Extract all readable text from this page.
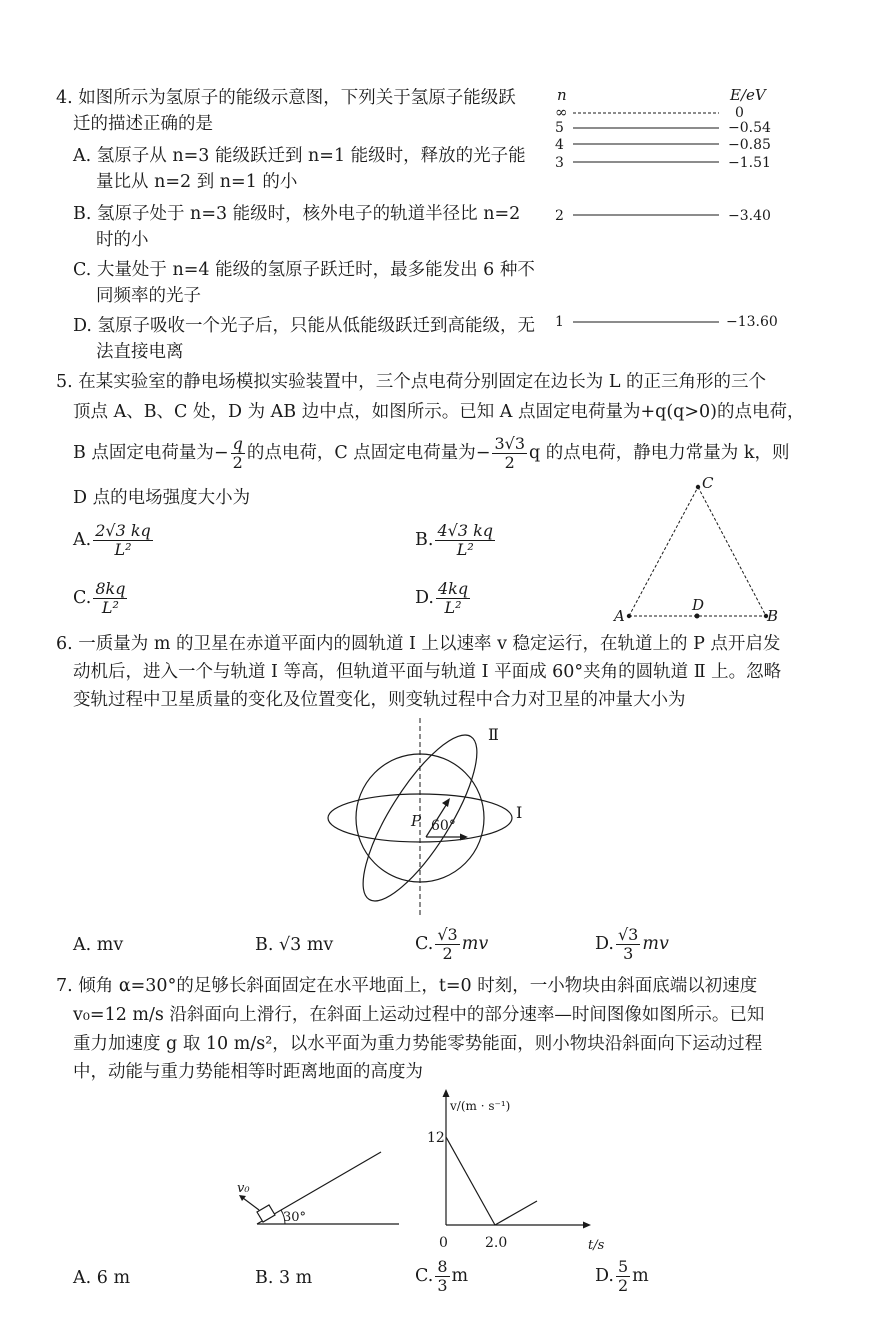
4. 如图所示为氢原子的能级示意图，下列关于氢原子能级跃
迁的描述正确的是
A. 氢原子从 n=3 能级跃迁到 n=1 能级时，释放的光子能
量比从 n=2 到 n=1 的小
B. 氢原子处于 n=3 能级时，核外电子的轨道半径比 n=2
时的小
C. 大量处于 n=4 能级的氢原子跃迁时，最多能发出 6 种不
同频率的光子
D. 氢原子吸收一个光子后，只能从低能级跃迁到高能级，无
法直接电离
n	E/eV
∞	0
5	−0.54
4	−0.85
3	−1.51
2	−3.40
1	−13.60
5. 在某实验室的静电场模拟实验装置中，三个点电荷分别固定在边长为 L 的正三角形的三个
顶点 A、B、C 处，D 为 AB 边中点，如图所示。已知 A 点固定电荷量为+q(q>0)的点电荷，
B 点固定电荷量为− $\frac{q}{2}$ 的点电荷，C 点固定电荷量为− $\frac{3√3}{2}$ q 的点电荷，静电力常量为 k，则
D 点的电场强度大小为
A. $\frac{2√3 kq}{\text{L²}}$	B. $\frac{4√3 kq}{\text{L²}}$
C. $\frac{8kq}{\text{L²}}$	D. $\frac{4kq}{\text{L²}}$	A	B
C
D
6. 一质量为 m 的卫星在赤道平面内的圆轨道 Ⅰ 上以速率 v 稳定运行，在轨道上的 P 点开启发
动机后，进入一个与轨道 Ⅰ 等高，但轨道平面与轨道 Ⅰ 平面成 60°夹角的圆轨道 Ⅱ 上。忽略
变轨过程中卫星质量的变化及位置变化，则变轨过程中合力对卫星的冲量大小为
P 60°
Ⅰ
Ⅱ
A. mv	B. √3 mv	C. $\frac{√3}{2}$ mv	D. $\frac{√3}{3}$ mv
7. 倾角 α=30°的足够长斜面固定在水平地面上，t=0 时刻，一小物块由斜面底端以初速度
v₀=12 m/s 沿斜面向上滑行，在斜面上运动过程中的部分速率—时间图像如图所示。已知
重力加速度 g 取 10 m/s²，以水平面为重力势能零势能面，则小物块沿斜面向下运动过程
中，动能与重力势能相等时距离地面的高度为
v₀
30°
v/(m · s⁻¹)
12
0	2.0	t/s
A. 6 m	B. 3 m	C. $\frac{8}{3}$ m	D. $\frac{5}{2}$ m
